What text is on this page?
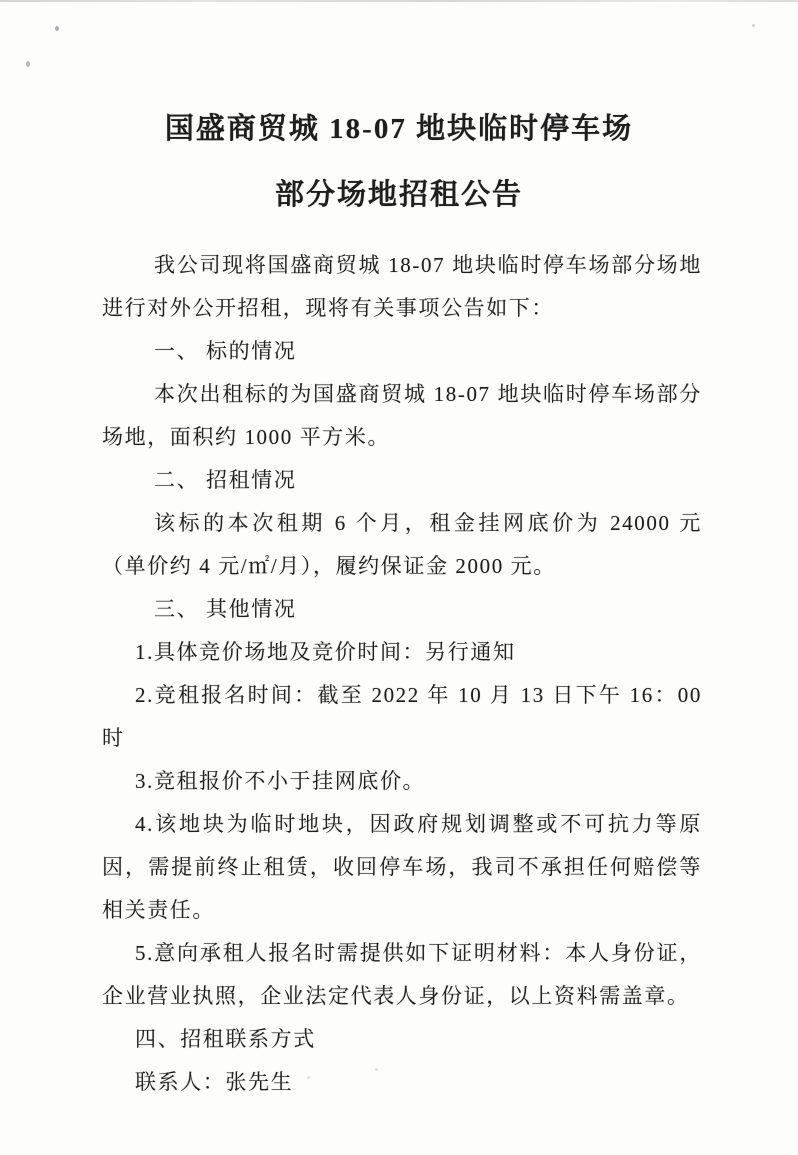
国盛商贸城 18-07 地块临时停车场

部分场地招租公告

我公司现将国盛商贸城 18-07 地块临时停车场部分场地进行对外公开招租，现将有关事项公告如下：

一、 标的情况

本次出租标的为国盛商贸城 18-07 地块临时停车场部分场地，面积约 1000 平方米。

二、 招租情况

该标的本次租期 6 个月，租金挂网底价为 24000 元（单价约 4 元/㎡/月），履约保证金 2000 元。

三、 其他情况

1.具体竞价场地及竞价时间：另行通知

2.竞租报名时间：截至 2022 年 10 月 13 日下午 16：00 时

3.竞租报价不小于挂网底价。

4.该地块为临时地块，因政府规划调整或不可抗力等原因，需提前终止租赁，收回停车场，我司不承担任何赔偿等相关责任。

5.意向承租人报名时需提供如下证明材料：本人身份证，企业营业执照，企业法定代表人身份证，以上资料需盖章。

四、招租联系方式

联系人：张先生
